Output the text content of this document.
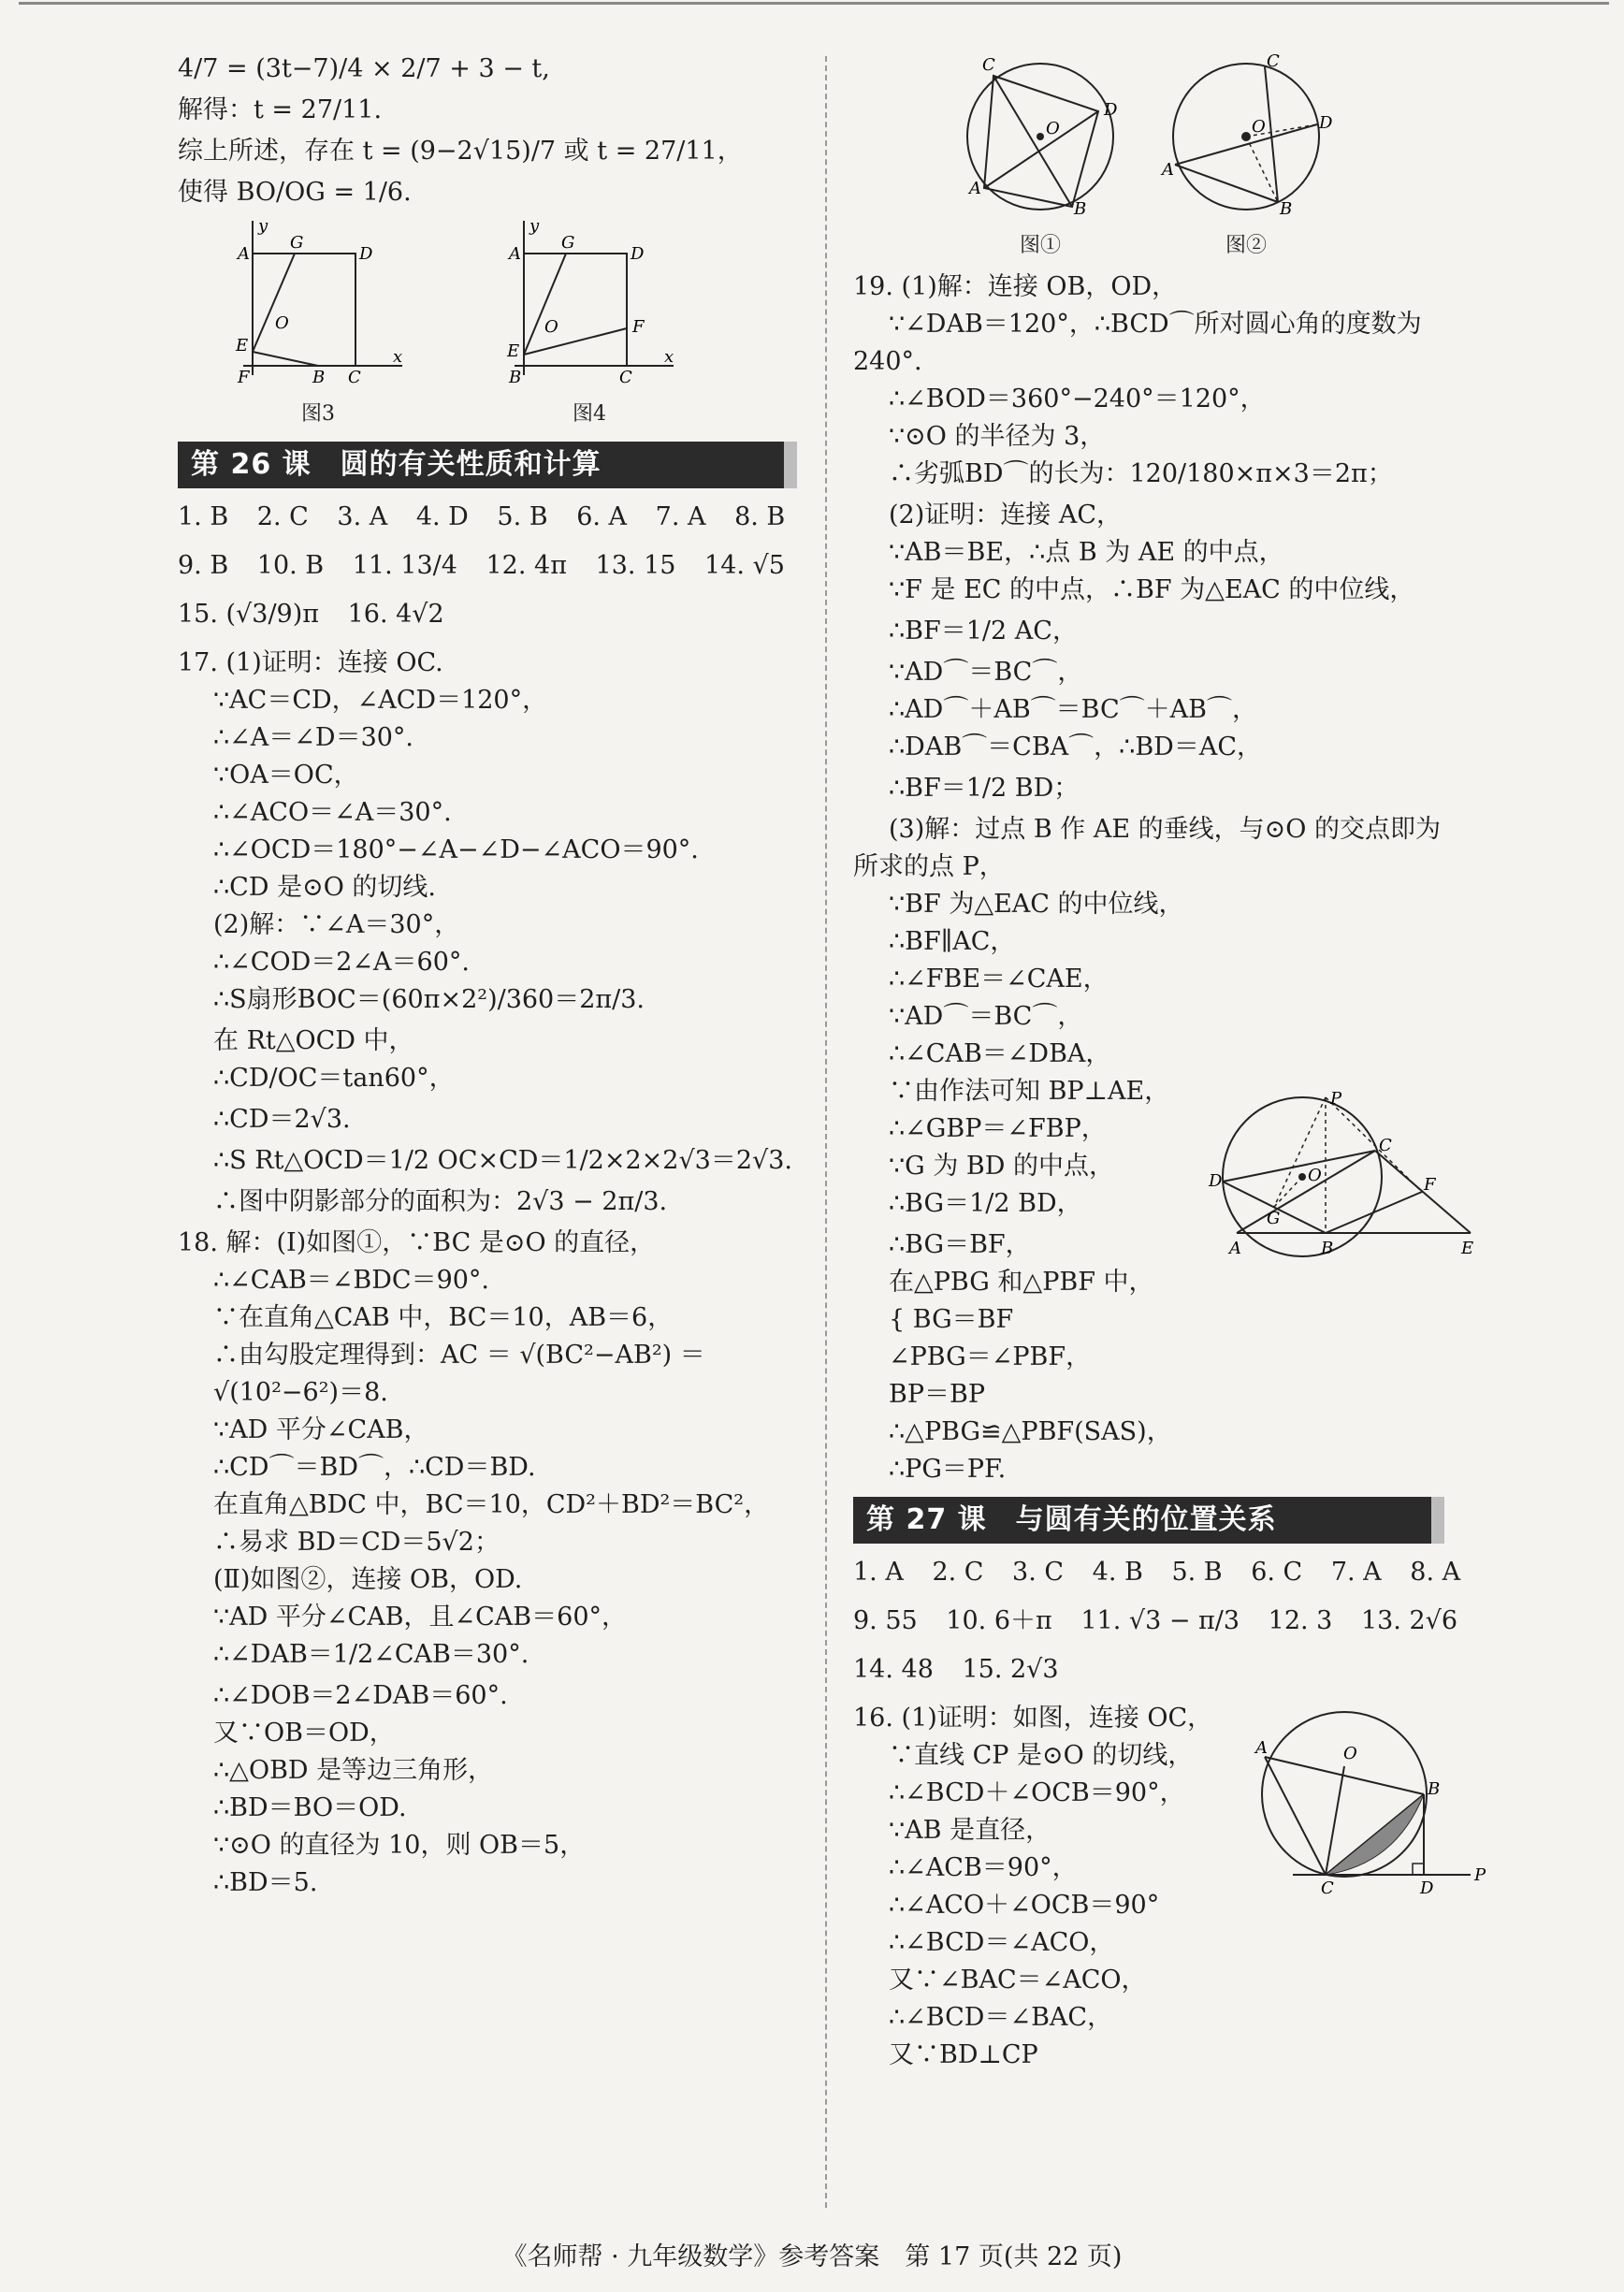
4/7 = (3t−7)/4 × 2/7 + 3 − t,
解得：t = 27/11.
综上所述，存在 t = (9−2√15)/7 或 t = 27/11，
使得 BO/OG = 1/6.
y
A
G
D
O
E
F	B C
x
图3
y
A
G
D
O	F
E
B	C
x
图4
第 26 课　圆的有关性质和计算
1. B 2. C 3. A 4. D 5. B 6. A 7. A 8. B
9. B 10. B 11. 13/4 12. 4π 13. 15 14. √5
15. (√3/9)π 16. 4√2
17. (1)证明：连接 OC.
∵AC＝CD，∠ACD＝120°，
∴∠A＝∠D＝30°.
∵OA＝OC，
∴∠ACO＝∠A＝30°.
∴∠OCD＝180°−∠A−∠D−∠ACO＝90°.
∴CD 是⊙O 的切线.
(2)解：∵∠A＝30°，
∴∠COD＝2∠A＝60°.
∴S扇形BOC＝(60π×2²)/360＝2π/3.
在 Rt△OCD 中，
∴CD/OC＝tan60°，
∴CD＝2√3.
∴S Rt△OCD＝1/2 OC×CD＝1/2×2×2√3＝2√3.
∴图中阴影部分的面积为：2√3 − 2π/3.
18. 解：(Ⅰ)如图①，∵BC 是⊙O 的直径，
∴∠CAB＝∠BDC＝90°.
∵在直角△CAB 中，BC＝10，AB＝6，
∴由勾股定理得到：AC ＝ √(BC²−AB²) ＝
√(10²−6²)＝8.
∵AD 平分∠CAB，
∴CD⌒＝BD⌒，∴CD＝BD.
在直角△BDC 中，BC＝10，CD²＋BD²＝BC²，
∴易求 BD＝CD＝5√2；
(Ⅱ)如图②，连接 OB，OD.
∵AD 平分∠CAB，且∠CAB＝60°，
∴∠DAB＝1/2∠CAB＝30°.
∴∠DOB＝2∠DAB＝60°.
又∵OB＝OD，
∴△OBD 是等边三角形，
∴BD＝BO＝OD.
∵⊙O 的直径为 10，则 OB＝5，
∴BD＝5.
C
D
O
A
B
图①
C
D
O
A
B
图②
19. (1)解：连接 OB，OD，
∵∠DAB＝120°，∴BCD⌒所对圆心角的度数为
240°.
∴∠BOD＝360°−240°＝120°，
∵⊙O 的半径为 3，
∴劣弧BD⌒的长为：120/180×π×3＝2π；
(2)证明：连接 AC，
∵AB＝BE，∴点 B 为 AE 的中点，
∵F 是 EC 的中点，∴BF 为△EAC 的中位线，
∴BF＝1/2 AC，
∵AD⌒＝BC⌒，
∴AD⌒＋AB⌒＝BC⌒＋AB⌒，
∴DAB⌒＝CBA⌒，∴BD＝AC，
∴BF＝1/2 BD；
(3)解：过点 B 作 AE 的垂线，与⊙O 的交点即为
所求的点 P，
∵BF 为△EAC 的中位线，
∴BF∥AC，
∴∠FBE＝∠CAE，
∵AD⌒＝BC⌒，
∴∠CAB＝∠DBA，
∵由作法可知 BP⊥AE，
∴∠GBP＝∠FBP，
∵G 为 BD 的中点，
∴BG＝1/2 BD，
∴BG＝BF，
在△PBG 和△PBF 中，
{ BG＝BF
∠PBG＝∠PBF，
BP＝BP
∴△PBG≌△PBF(SAS)，
∴PG＝PF.
P
O
C
F
D
G
A	B	E
第 27 课　与圆有关的位置关系
1. A 2. C 3. C 4. B 5. B 6. C 7. A 8. A
9. 55 10. 6＋π 11. √3 − π/3 12. 3 13. 2√6
14. 48 15. 2√3
16. (1)证明：如图，连接 OC，
∵直线 CP 是⊙O 的切线，
∴∠BCD＋∠OCB＝90°，
∵AB 是直径，
∴∠ACB＝90°，
∴∠ACO＋∠OCB＝90°
∴∠BCD＝∠ACO，
又∵∠BAC＝∠ACO，
∴∠BCD＝∠BAC，
又∵BD⊥CP
A	O
B
C	D
P
《名师帮 · 九年级数学》参考答案　第 17 页(共 22 页)
